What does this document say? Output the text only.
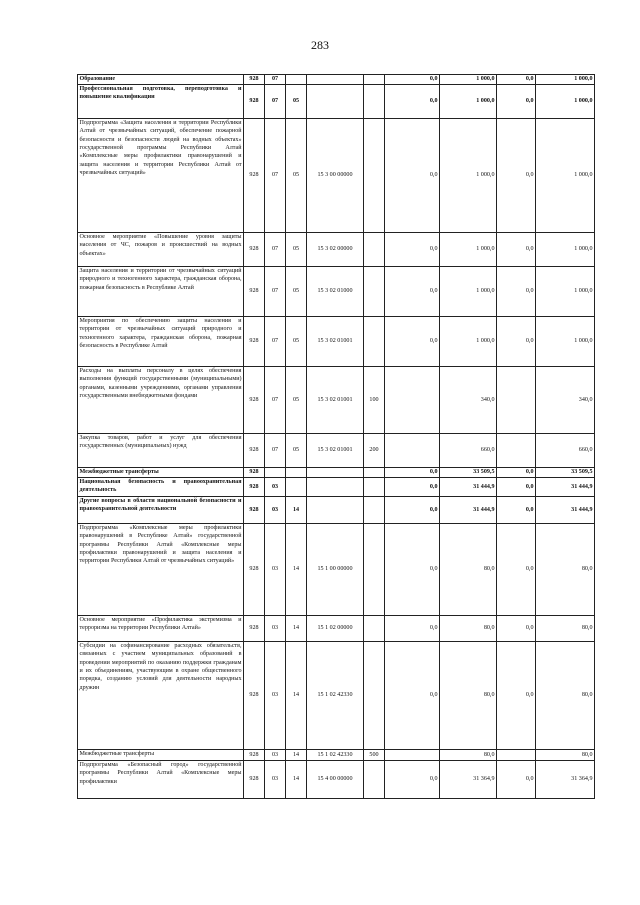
283
Образование	928	07				0,0	1 000,0	0,0	1 000,0
Профессиональная подготовка, переподготовка и повышение квалификации	928	07	05			0,0	1 000,0	0,0	1 000,0
Подпрограмма «Защита населения и территории Республики Алтай от чрезвычайных ситуаций, обеспечение пожарной безопасности и безопасности людей на водных объектах» государственной программы Республики Алтай «Комплексные меры профилактики правонарушений и защита населения и территории Республики Алтай от чрезвычайных ситуаций»	928	07	05	15 3 00 00000		0,0	1 000,0	0,0	1 000,0
Основное мероприятие «Повышение уровня защиты населения от ЧС, пожаров и происшествий на водных объектах»	928	07	05	15 3 02 00000		0,0	1 000,0	0,0	1 000,0
Защита населения и территории от чрезвычайных ситуаций природного и техногенного характера, гражданская оборона, пожарная безопасность в Республике Алтай	928	07	05	15 3 02 01000		0,0	1 000,0	0,0	1 000,0
Мероприятия по обеспечению защиты населения и территории от чрезвычайных ситуаций природного и техногенного характера, гражданская оборона, пожарная безопасность в Республике Алтай	928	07	05	15 3 02 01001		0,0	1 000,0	0,0	1 000,0
Расходы на выплаты персоналу в целях обеспечения выполнения функций государственными (муниципальными) органами, казенными учреждениями, органами управления государственными внебюджетными фондами	928	07	05	15 3 02 01001	100		340,0		340,0
Закупка товаров, работ и услуг для обеспечения государственных (муниципальных) нужд	928	07	05	15 3 02 01001	200		660,0		660,0
Межбюджетные трансферты	928					0,0	33 509,5	0,0	33 509,5
Национальная безопасность и правоохранительная деятельность	928	03				0,0	31 444,9	0,0	31 444,9
Другие вопросы в области национальной безопасности и правоохранительной деятельности	928	03	14			0,0	31 444,9	0,0	31 444,9
Подпрограмма «Комплексные меры профилактики правонарушений в Республике Алтай» государственной программы Республики Алтай «Комплексные меры профилактики правонарушений и защита населения и территории Республики Алтай от чрезвычайных ситуаций»	928	03	14	15 1 00 00000		0,0	80,0	0,0	80,0
Основное мероприятие «Профилактика экстремизма и терроризма на территории Республики Алтай»	928	03	14	15 1 02 00000		0,0	80,0	0,0	80,0
Субсидии на софинансирование расходных обязательств, связанных с участием муниципальных образований в проведении мероприятий по оказанию поддержки гражданам и их объединениям, участвующим в охране общественного порядка, созданию условий для деятельности народных дружин	928	03	14	15 1 02 42330		0,0	80,0	0,0	80,0
Межбюджетные трансферты	928	03	14	15 1 02 42330	500		80,0		80,0
Подпрограмма «Безопасный город» государственной программы Республики Алтай «Комплексные меры профилактики	928	03	14	15 4 00 00000		0,0	31 364,9	0,0	31 364,9
